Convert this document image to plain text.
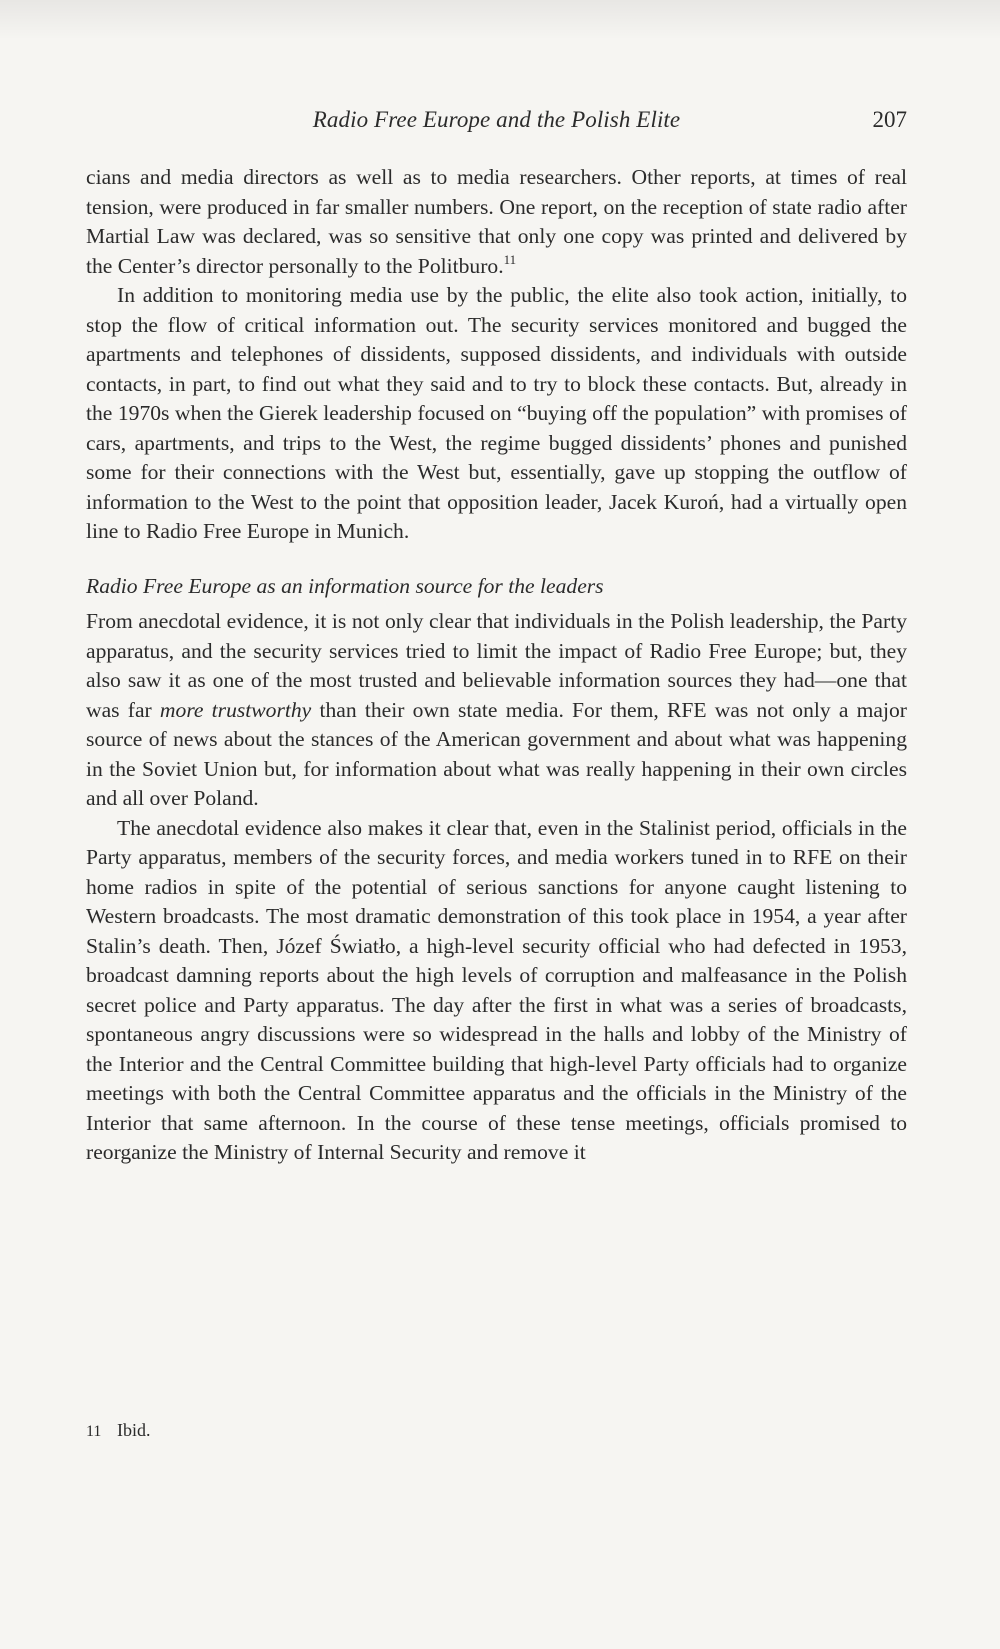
Radio Free Europe and the Polish Elite	207

cians and media directors as well as to media researchers. Other reports, at times of real tension, were produced in far smaller numbers. One report, on the reception of state radio after Martial Law was declared, was so sensitive that only one copy was printed and delivered by the Center’s director personally to the Politburo.$^{11}$

In addition to monitoring media use by the public, the elite also took action, initially, to stop the flow of critical information out. The security services monitored and bugged the apartments and telephones of dissidents, supposed dissidents, and individuals with outside contacts, in part, to find out what they said and to try to block these contacts. But, already in the 1970s when the Gierek leadership focused on “buying off the population” with promises of cars, apartments, and trips to the West, the regime bugged dissidents’ phones and punished some for their connections with the West but, essentially, gave up stopping the outflow of information to the West to the point that opposition leader, Jacek Kuroń, had a virtually open line to Radio Free Europe in Munich.

Radio Free Europe as an information source for the leaders

From anecdotal evidence, it is not only clear that individuals in the Polish leadership, the Party apparatus, and the security services tried to limit the impact of Radio Free Europe; but, they also saw it as one of the most trusted and believable information sources they had—one that was far more trustworthy than their own state media. For them, RFE was not only a major source of news about the stances of the American government and about what was happening in the Soviet Union but, for information about what was really happening in their own circles and all over Poland.

The anecdotal evidence also makes it clear that, even in the Stalinist period, officials in the Party apparatus, members of the security forces, and media workers tuned in to RFE on their home radios in spite of the potential of serious sanctions for anyone caught listening to Western broadcasts. The most dramatic demonstration of this took place in 1954, a year after Stalin’s death. Then, Józef Światło, a high-level security official who had defected in 1953, broadcast damning reports about the high levels of corruption and malfeasance in the Polish secret police and Party apparatus. The day after the first in what was a series of broadcasts, spontaneous angry discussions were so widespread in the halls and lobby of the Ministry of the Interior and the Central Committee building that high-level Party officials had to organize meetings with both the Central Committee apparatus and the officials in the Ministry of the Interior that same afternoon. In the course of these tense meetings, officials promised to reorganize the Ministry of Internal Security and remove it

11 Ibid.
